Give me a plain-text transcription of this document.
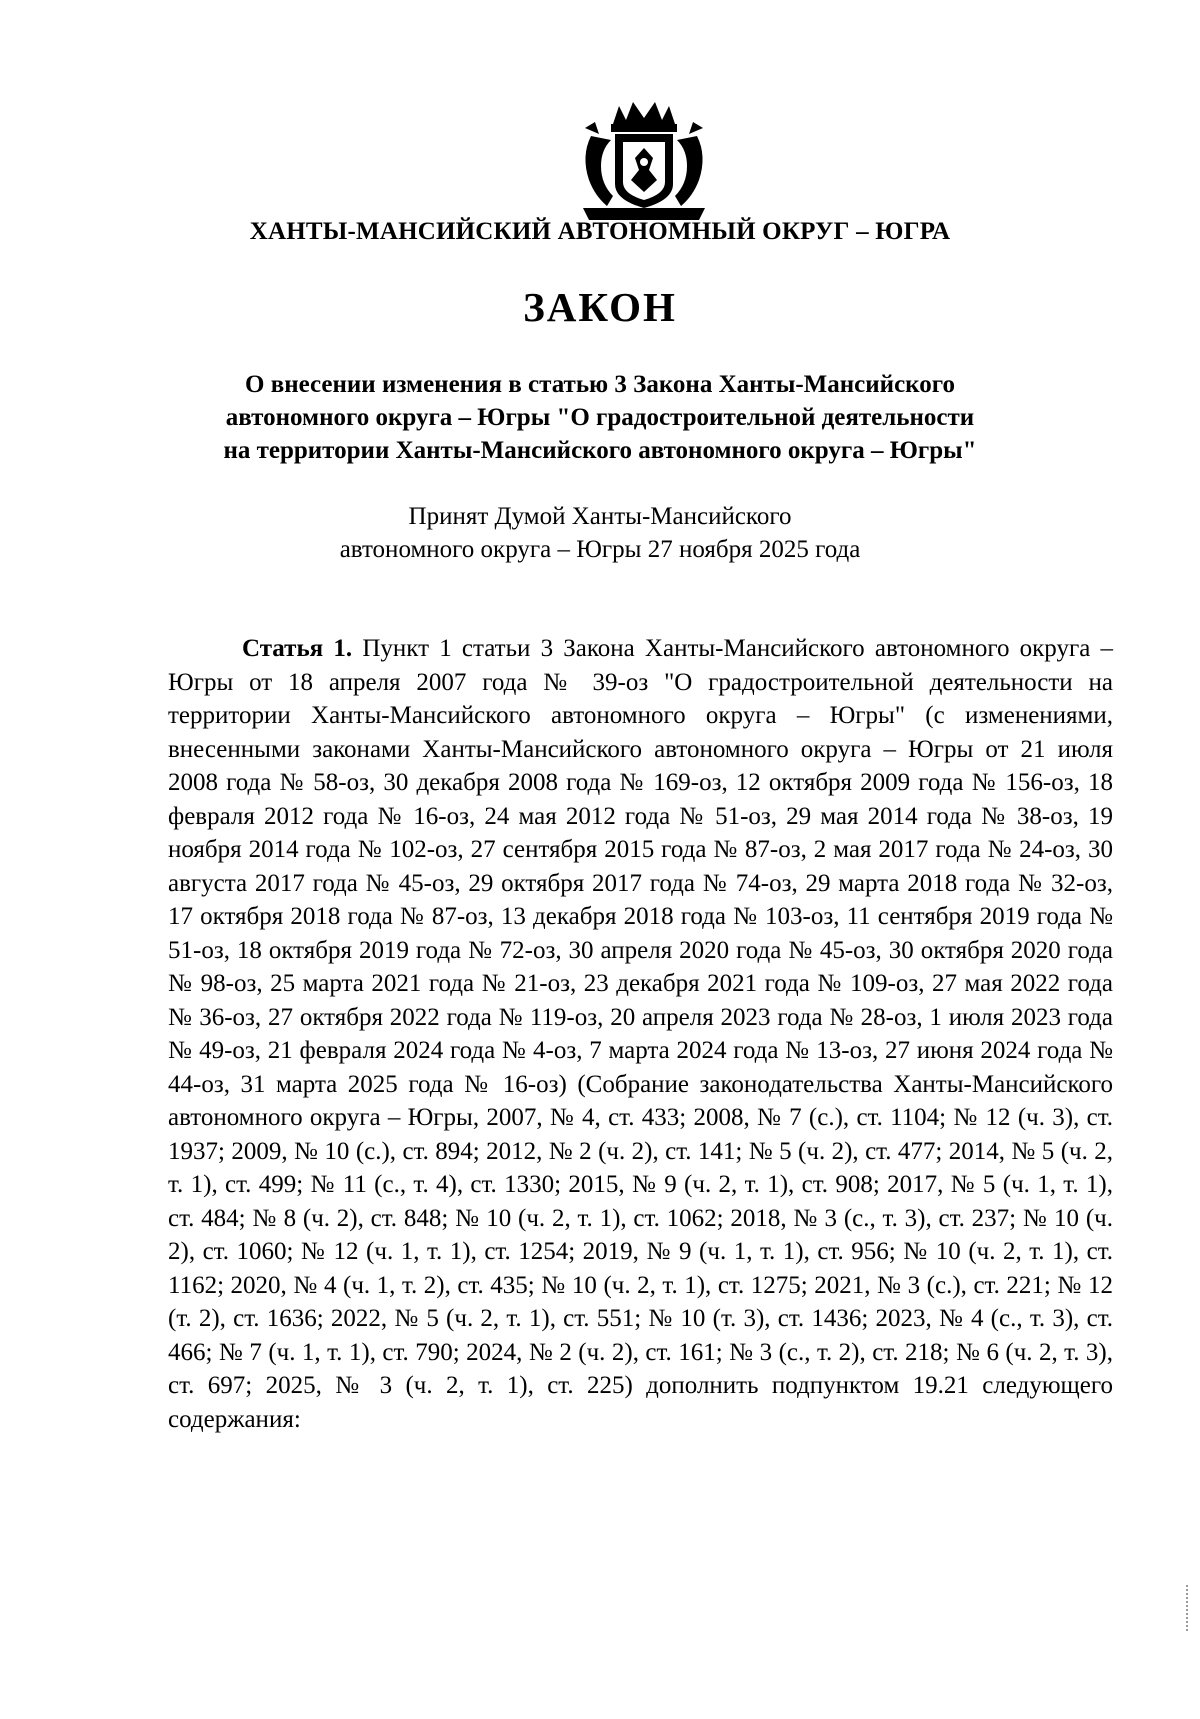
ХАНТЫ-МАНСИЙСКИЙ АВТОНОМНЫЙ ОКРУГ – ЮГРА
ЗАКОН
О внесении изменения в статью 3 Закона Ханты-Мансийского
автономного округа – Югры "О градостроительной деятельности
на территории Ханты-Мансийского автономного округа – Югры"
Принят Думой Ханты-Мансийского
автономного округа – Югры 27 ноября 2025 года
Статья 1. Пункт 1 статьи 3 Закона Ханты-Мансийского автономного округа – Югры от 18 апреля 2007 года № 39-оз "О градостроительной деятельности на территории Ханты-Мансийского автономного округа – Югры" (с изменениями, внесенными законами Ханты-Мансийского автономного округа – Югры от 21 июля 2008 года № 58-оз, 30 декабря 2008 года № 169-оз, 12 октября 2009 года № 156-оз, 18 февраля 2012 года № 16-оз, 24 мая 2012 года № 51-оз, 29 мая 2014 года № 38-оз, 19 ноября 2014 года № 102-оз, 27 сентября 2015 года № 87-оз, 2 мая 2017 года № 24-оз, 30 августа 2017 года № 45-оз, 29 октября 2017 года № 74-оз, 29 марта 2018 года № 32-оз, 17 октября 2018 года № 87-оз, 13 декабря 2018 года № 103-оз, 11 сентября 2019 года № 51-оз, 18 октября 2019 года № 72-оз, 30 апреля 2020 года № 45-оз, 30 октября 2020 года № 98-оз, 25 марта 2021 года № 21-оз, 23 декабря 2021 года № 109-оз, 27 мая 2022 года № 36-оз, 27 октября 2022 года № 119-оз, 20 апреля 2023 года № 28-оз, 1 июля 2023 года № 49-оз, 21 февраля 2024 года № 4-оз, 7 марта 2024 года № 13-оз, 27 июня 2024 года № 44-оз, 31 марта 2025 года № 16-оз) (Собрание законодательства Ханты-Мансийского автономного округа – Югры, 2007, № 4, ст. 433; 2008, № 7 (с.), ст. 1104; № 12 (ч. 3), ст. 1937; 2009, № 10 (с.), ст. 894; 2012, № 2 (ч. 2), ст. 141; № 5 (ч. 2), ст. 477; 2014, № 5 (ч. 2, т. 1), ст. 499; № 11 (с., т. 4), ст. 1330; 2015, № 9 (ч. 2, т. 1), ст. 908; 2017, № 5 (ч. 1, т. 1), ст. 484; № 8 (ч. 2), ст. 848; № 10 (ч. 2, т. 1), ст. 1062; 2018, № 3 (с., т. 3), ст. 237; № 10 (ч. 2), ст. 1060; № 12 (ч. 1, т. 1), ст. 1254; 2019, № 9 (ч. 1, т. 1), ст. 956; № 10 (ч. 2, т. 1), ст. 1162; 2020, № 4 (ч. 1, т. 2), ст. 435; № 10 (ч. 2, т. 1), ст. 1275; 2021, № 3 (с.), ст. 221; № 12 (т. 2), ст. 1636; 2022, № 5 (ч. 2, т. 1), ст. 551; № 10 (т. 3), ст. 1436; 2023, № 4 (с., т. 3), ст. 466; № 7 (ч. 1, т. 1), ст. 790; 2024, № 2 (ч. 2), ст. 161; № 3 (с., т. 2), ст. 218; № 6 (ч. 2, т. 3), ст. 697; 2025, № 3 (ч. 2, т. 1), ст. 225) дополнить подпунктом 19.21 следующего содержания:
